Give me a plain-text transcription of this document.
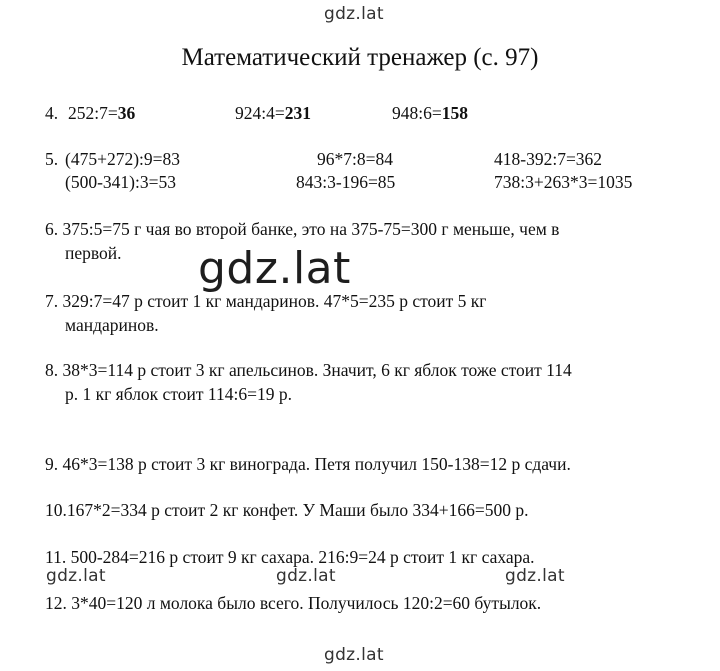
gdz.lat
gdz.lat
gdz.lat	gdz.lat	gdz.lat
gdz.lat
Математический тренажер (с. 97)
4. 252:7=36	924:4=231	948:6=158
5. (475+272):9=83	96*7:8=84	418-392:7=362
(500-341):3=53	843:3-196=85	738:3+263*3=1035
6. 375:5=75 г чая во второй банке, это на 375-75=300 г меньше, чем в
первой.
7. 329:7=47 р стоит 1 кг мандаринов. 47*5=235 р стоит 5 кг
мандаринов.
8. 38*3=114 р стоит 3 кг апельсинов. Значит, 6 кг яблок тоже стоит 114
р. 1 кг яблок стоит 114:6=19 р.
9. 46*3=138 р стоит 3 кг винограда. Петя получил 150-138=12 р сдачи.
10.167*2=334 р стоит 2 кг конфет. У Маши было 334+166=500 р.
11. 500-284=216 р стоит 9 кг сахара. 216:9=24 р стоит 1 кг сахара.
12. 3*40=120 л молока было всего. Получилось 120:2=60 бутылок.
